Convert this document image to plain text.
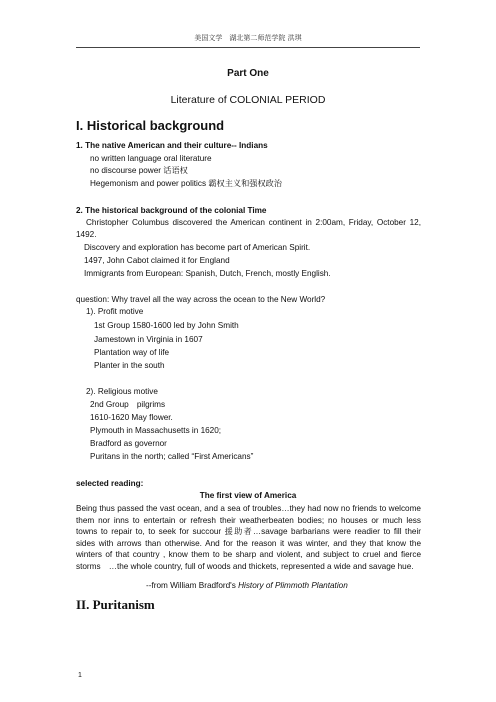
美国文学　湖北第二师范学院 洪琪
Part One
Literature of COLONIAL PERIOD
I. Historical background

1. The native American and their culture-- Indians

no written language oral literature

no discourse power 话语权

Hegemonism and power politics 霸权主义和强权政治

2. The historical background of the colonial Time

Christopher Columbus discovered the American continent in 2:00am, Friday, October 12, 1492.

Discovery and exploration has become part of American Spirit.

1497, John Cabot claimed it for England

Immigrants from European: Spanish, Dutch, French, mostly English.

question: Why travel all the way across the ocean to the New World?

1). Profit motive

1st Group 1580-1600 led by John Smith

Jamestown in Virginia in 1607

Plantation way of life

Planter in the south

2). Religious motive

2nd Group　pilgrims

1610-1620 May flower.

Plymouth in Massachusetts in 1620;

Bradford as governor

Puritans in the north; called “First Americans”

selected reading:

The first view of America

Being thus passed the vast ocean, and a sea of troubles…they had now no friends to welcome them nor inns to entertain or refresh their weatherbeaten bodies; no houses or much less towns to repair to, to seek for succour 援助者…savage barbarians were readier to fill their sides with arrows than otherwise. And for the reason it was winter, and they that know the winters of that country , know them to be sharp and violent, and subject to cruel and fierce storms　…the whole country, full of woods and thickets, represented a wide and savage hue.

--from William Bradford's History of Plimmoth Plantation

II. Puritanism
1
